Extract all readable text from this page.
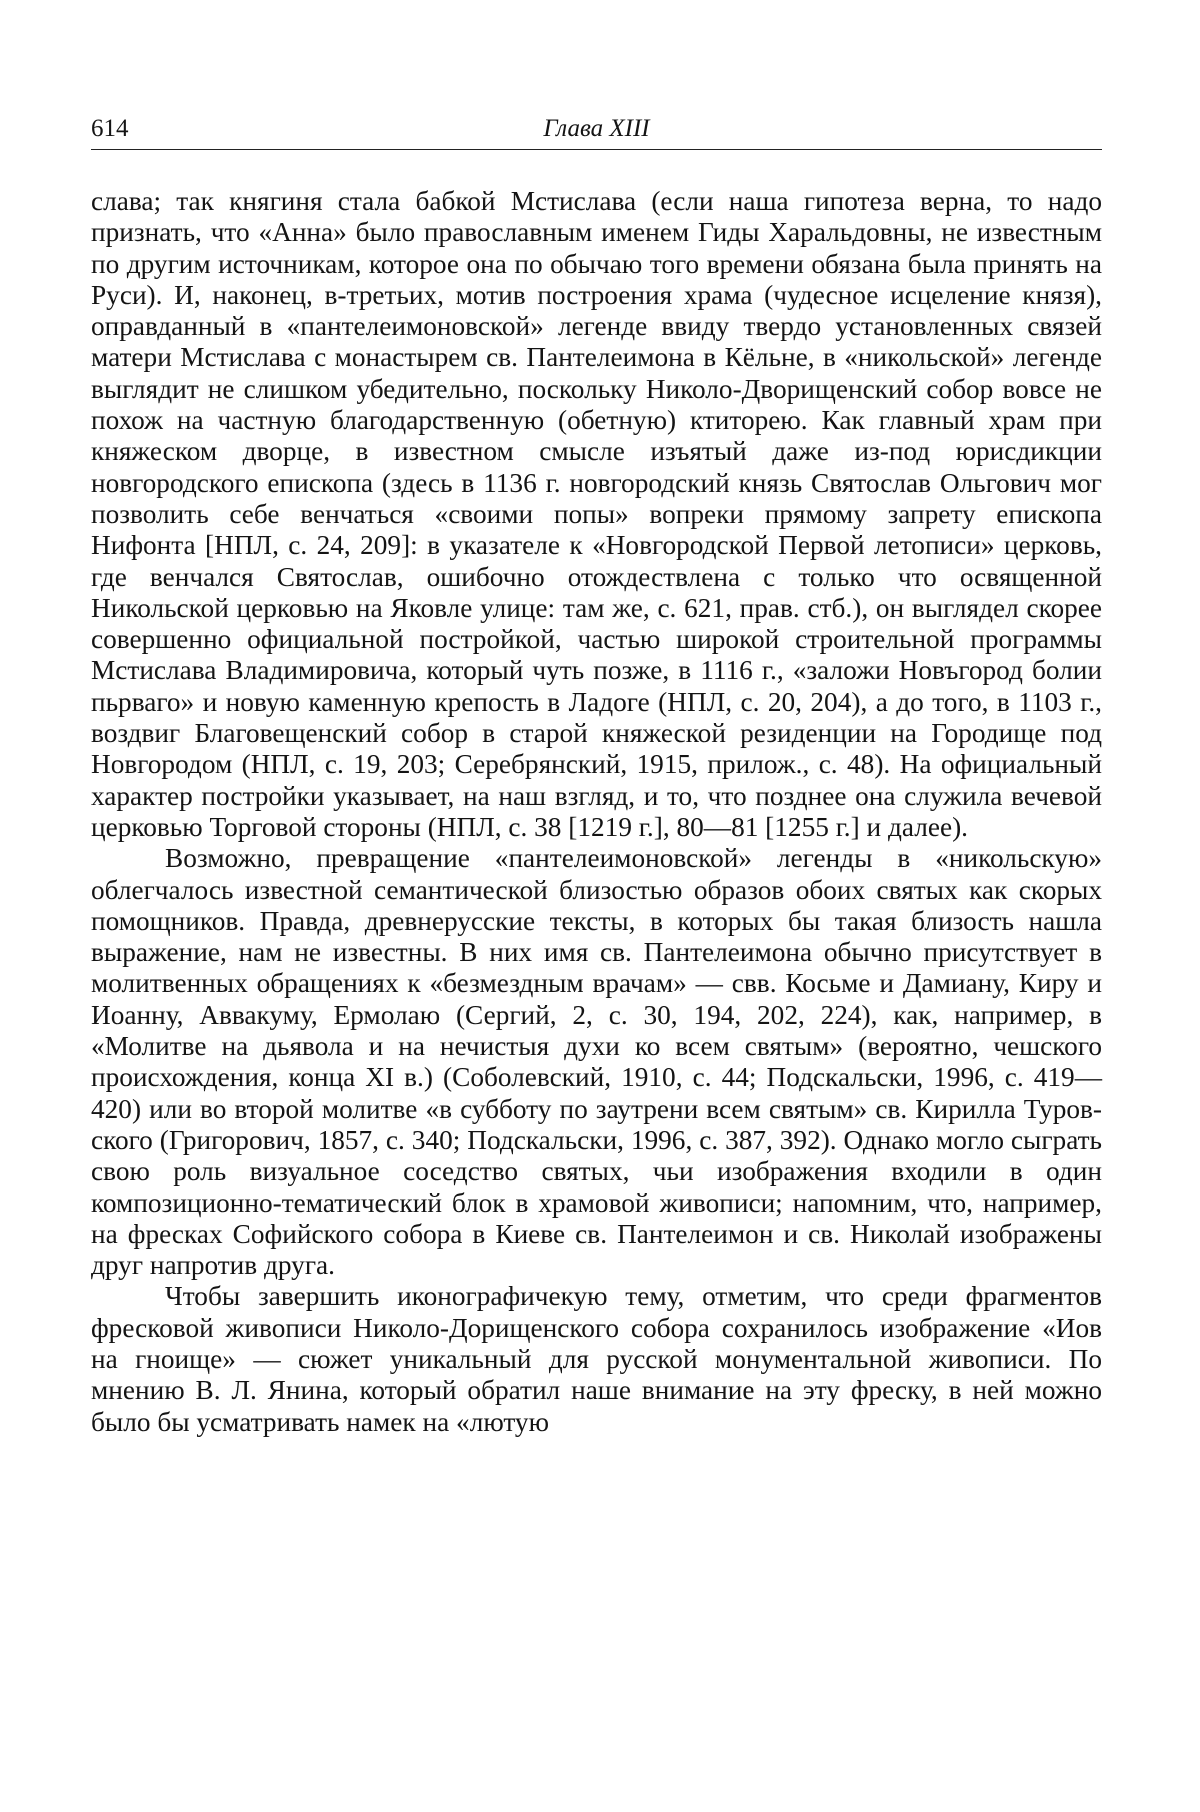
614	Глава XIII

слава; так княгиня стала бабкой Мстислава (если наша гипотеза верна, то надо признать, что «Анна» было православным именем Гиды Харальдовны, не известным по другим источникам, которое она по обычаю того времени обязана была принять на Руси). И, наконец, в-третьих, мотив построения храма (чудесное исцеление князя), оправданный в «пантелеимоновской» легенде ввиду твердо установленных связей матери Мстислава с монастырем св. Пантелеимона в Кёльне, в «никольской» легенде выглядит не слишком убедительно, поскольку Николо-Дворищенский собор вовсе не похож на частную благодарственную (обетную) ктиторею. Как главный храм при княжеском дворце, в известном смысле изъятый даже из-под юрисдикции новгородского епископа (здесь в 1136 г. новгородский князь Святослав Ольгович мог позволить себе венчаться «своими попы» вопреки прямому запрету епископа Нифонта [НПЛ, с. 24, 209]: в указателе к «Новгородской Первой летописи» церковь, где венчался Святослав, ошибочно отождествлена с только что освященной Никольской церковью на Яковле улице: там же, с. 621, прав. стб.), он выглядел скорее совершенно официальной постройкой, частью широкой строительной программы Мстислава Владимировича, который чуть позже, в 1116 г., «заложи Новъгород болии пьрваго» и новую каменную крепость в Ладоге (НПЛ, с. 20, 204), а до того, в 1103 г., воздвиг Благовещенский собор в старой княжеской резиденции на Городище под Новгородом (НПЛ, с. 19, 203; Серебрянский, 1915, прилож., с. 48). На официальный характер постройки указывает, на наш взгляд, и то, что позднее она служила вечевой церковью Торговой стороны (НПЛ, с. 38 [1219 г.], 80—81 [1255 г.] и далее).

Возможно, превращение «пантелеимоновской» легенды в «никольскую» облегчалось известной семантической близостью образов обоих святых как скорых помощников. Правда, древнерусские тексты, в которых бы такая близость нашла выражение, нам не известны. В них имя св. Пантелеимона обычно присутствует в молитвенных обращениях к «безмездным врачам» — свв. Косьме и Дамиану, Киру и Иоанну, Аввакуму, Ермолаю (Сергий, 2, с. 30, 194, 202, 224), как, например, в «Молитве на дьявола и на нечистыя духи ко всем святым» (вероятно, чешского происхождения, конца XI в.) (Соболевский, 1910, с. 44; Подскальски, 1996, с. 419—420) или во второй молитве «в субботу по заутрени всем святым» св. Кирилла Туровского (Григорович, 1857, с. 340; Подскальски, 1996, с. 387, 392). Однако могло сыграть свою роль визуальное соседство святых, чьи изображения входили в один композиционно-тематический блок в храмовой живописи; напомним, что, например, на фресках Софийского собора в Киеве св. Пантелеимон и св. Николай изображены друг напротив друга.

Чтобы завершить иконографичекую тему, отметим, что среди фрагментов фресковой живописи Николо-Дорищенского собора сохранилось изображение «Иов на гноище» — сюжет уникальный для русской монументальной живописи. По мнению В. Л. Янина, который обратил наше внимание на эту фреску, в ней можно было бы усматривать намек на «лютую
